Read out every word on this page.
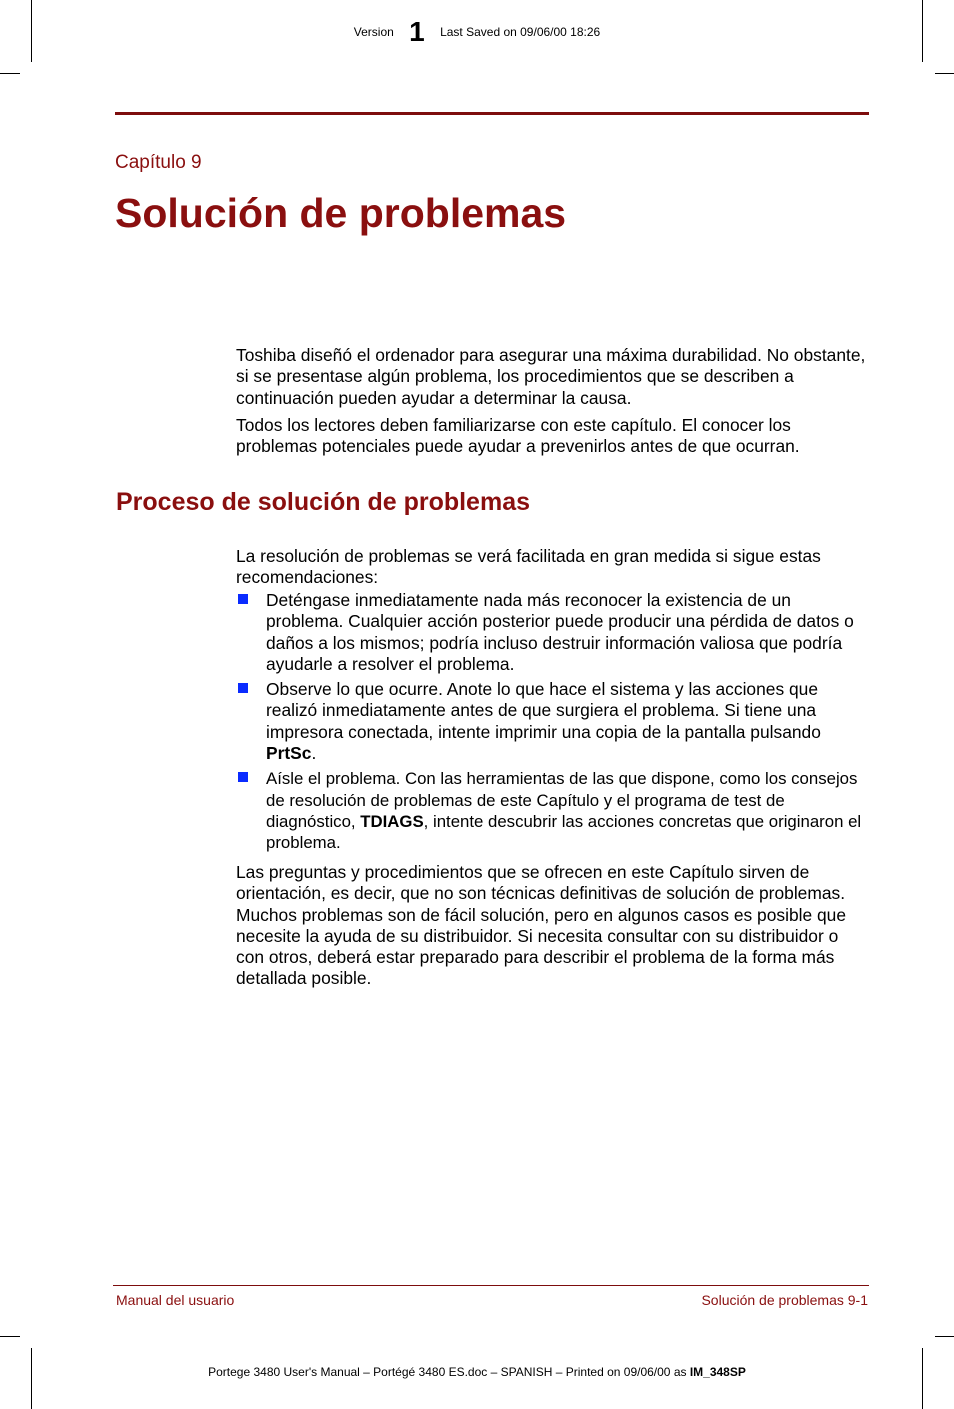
Version 1 Last Saved on 09/06/00 18:26
Capítulo 9
Solución de problemas

Toshiba diseñó el ordenador para asegurar una máxima durabilidad. No obstante, si se presentase algún problema, los procedimientos que se describen a continuación pueden ayudar a determinar la causa.

Todos los lectores deben familiarizarse con este capítulo. El conocer los problemas potenciales puede ayudar a prevenirlos antes de que ocurran.

Proceso de solución de problemas

La resolución de problemas se verá facilitada en gran medida si sigue estas recomendaciones:

Deténgase inmediatamente nada más reconocer la existencia de un problema. Cualquier acción posterior puede producir una pérdida de datos o daños a los mismos; podría incluso destruir información valiosa que podría ayudarle a resolver el problema.
Observe lo que ocurre. Anote lo que hace el sistema y las acciones que realizó inmediatamente antes de que surgiera el problema. Si tiene una impresora conectada, intente imprimir una copia de la pantalla pulsando PrtSc.
Aísle el problema. Con las herramientas de las que dispone, como los consejos de resolución de problemas de este Capítulo y el programa de test de diagnóstico, TDIAGS, intente descubrir las acciones concretas que originaron el problema.

Las preguntas y procedimientos que se ofrecen en este Capítulo sirven de orientación, es decir, que no son técnicas definitivas de solución de problemas. Muchos problemas son de fácil solución, pero en algunos casos es posible que necesite la ayuda de su distribuidor. Si necesita consultar con su distribuidor o con otros, deberá estar preparado para describir el problema de la forma más detallada posible.

Manual del usuario	Solución de problemas 9-1
Portege 3480 User's Manual – Portégé 3480 ES.doc – SPANISH – Printed on 09/06/00 as IM_348SP
